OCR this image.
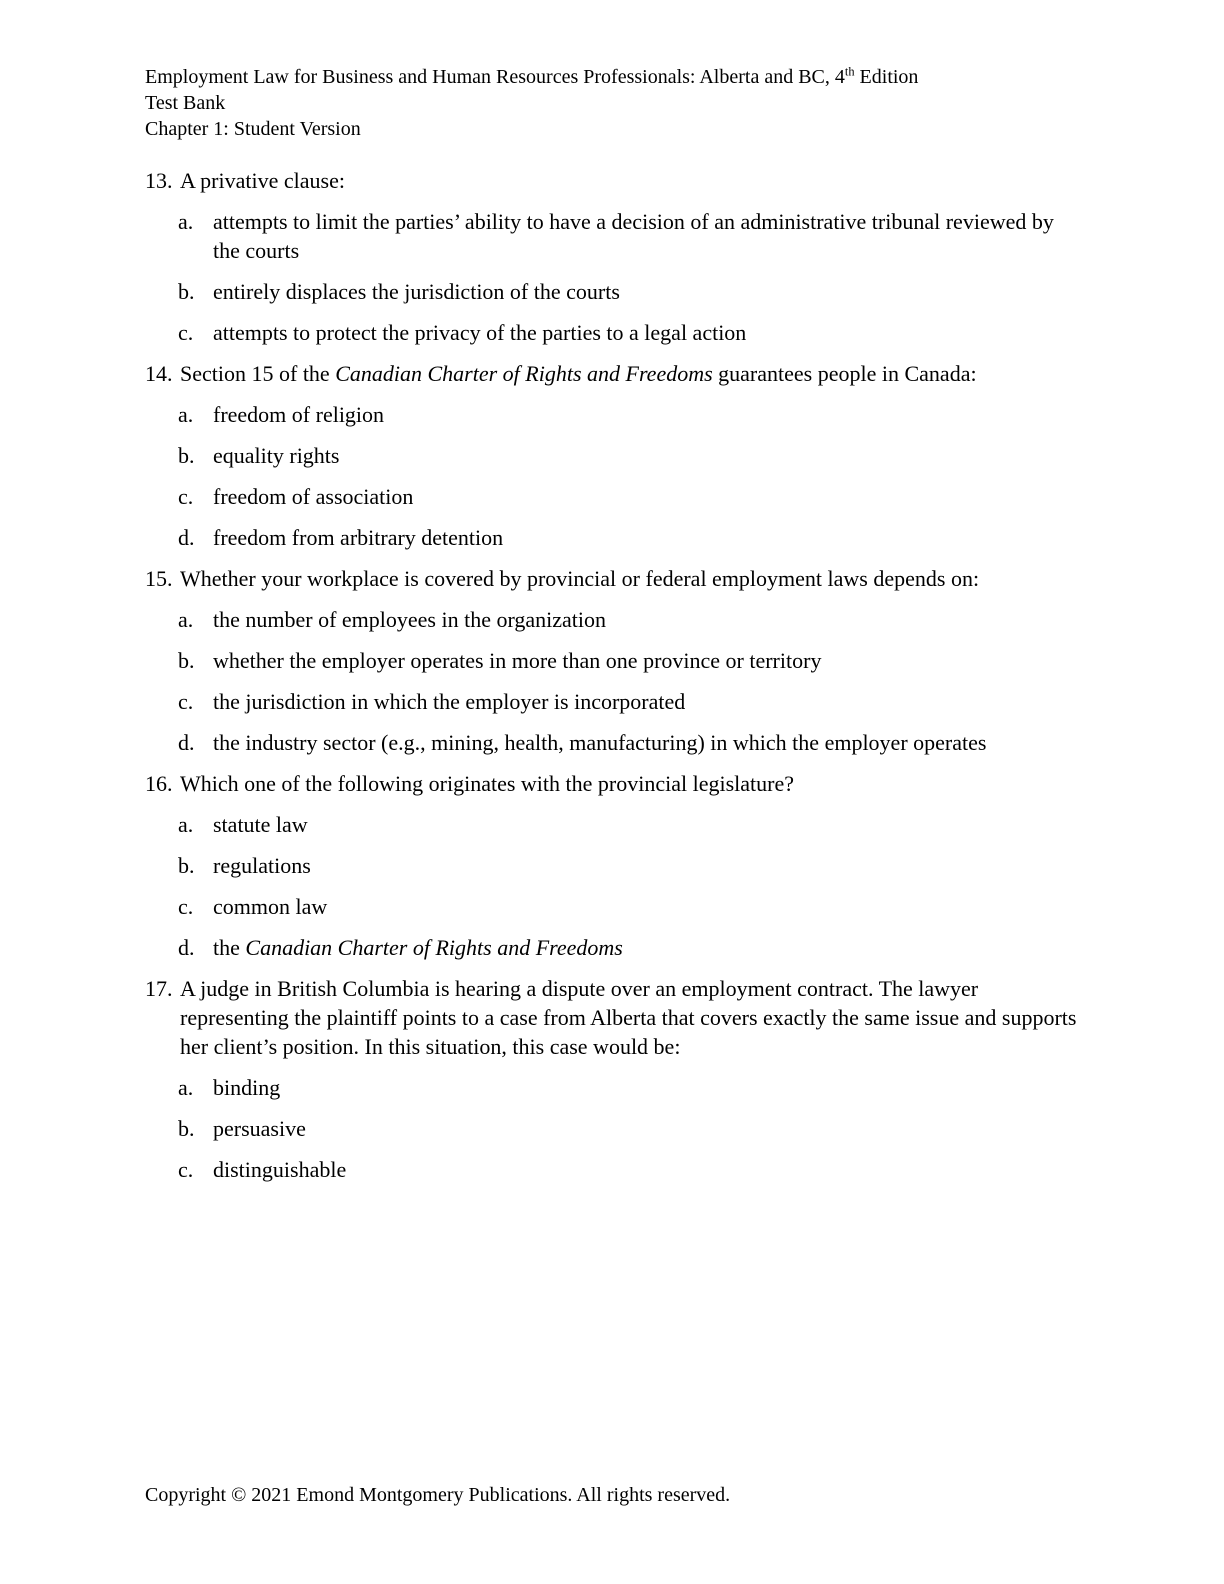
Employment Law for Business and Human Resources Professionals: Alberta and BC, 4th Edition

Test Bank

Chapter 1: Student Version

13. A privative clause:
a. attempts to limit the parties’ ability to have a decision of an administrative tribunal reviewed by the courts
b. entirely displaces the jurisdiction of the courts
c. attempts to protect the privacy of the parties to a legal action
14. Section 15 of the Canadian Charter of Rights and Freedoms guarantees people in Canada:
a. freedom of religion
b. equality rights
c. freedom of association
d. freedom from arbitrary detention
15. Whether your workplace is covered by provincial or federal employment laws depends on:
a. the number of employees in the organization
b. whether the employer operates in more than one province or territory
c. the jurisdiction in which the employer is incorporated
d. the industry sector (e.g., mining, health, manufacturing) in which the employer operates
16. Which one of the following originates with the provincial legislature?
a. statute law
b. regulations
c. common law
d. the Canadian Charter of Rights and Freedoms
17. A judge in British Columbia is hearing a dispute over an employment contract. The lawyer representing the plaintiff points to a case from Alberta that covers exactly the same issue and supports her client’s position. In this situation, this case would be:
a. binding
b. persuasive
c. distinguishable

Copyright © 2021 Emond Montgomery Publications. All rights reserved.
